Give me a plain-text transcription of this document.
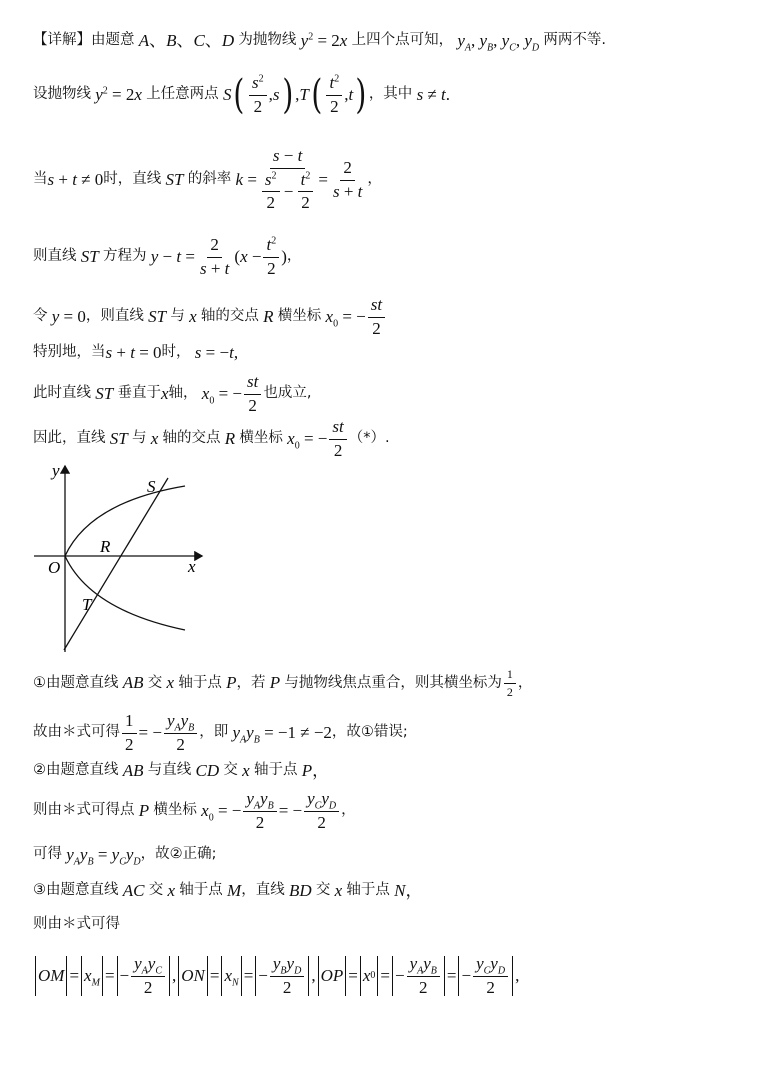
【详解】 由题意 A、B、C、D 为抛物线 $y^2 = 2x$ 上四个点可知， $y_A$, $y_B$, $y_C$, $y_D$ 两两不等.
设抛物线 $y^2 = 2x$ 上任意两点 S ( $\frac{s^2}{2} ,s$ ) ,T ( $\frac{t^2}{2} ,t$ ) ，其中 s ≠ t.
当 s + t ≠ 0 时，直线 ST 的斜率 $k = \frac{s - t}{\frac{s^2}{2} - \frac{t^2}{2}} = \frac{2}{s + t}$ ，
则直线 ST 方程为 $y - t = \frac{2}{s + t} (x - \frac{t^2}{2}$ ) ，
令 y = 0 ，则直线 ST 与 x 轴的交点 R 横坐标 $x_0$ = − $\frac{st}{2}$
特别地，当 s + t = 0 时， s = −t,
此时直线 ST 垂直于 x 轴， $x_0$ = − $\frac{st}{2}$ 也成立,
因此，直线 ST 与 x 轴的交点 R 横坐标 $x_0$ = − $\frac{st}{2}$ （*）.
y
x
O
S
R
T
①由题意直线 AB 交 x 轴于点 P ，若 P 与抛物线焦点重合，则其横坐标为 $\frac{1}{2}$ ，
故由＊式可得 $\frac{1}{2}$ = − $\frac{y_Ay_B}{2}$ ，即 $y_Ay_B = -1 \ne -2$ ，故①错误;
②由题意直线 AB 与直线 CD 交 x 轴于点 P，
则由＊式可得点 P 横坐标 $x_0$ = − $\frac{y_Ay_B}{2}$ = − $\frac{y_Cy_D}{2}$ ，
可得 $y_Ay_B = y_Cy_D$ ，故②正确;
③由题意直线 AC 交 x 轴于点 M ，直线 BD 交 x 轴于点 N，
则由＊式可得
OM = $x_M$ = − $\frac{y_Ay_C}{2}$ , ON = $x_N$ = − $\frac{y_By_D}{2}$ , OP = x 0 = − $\frac{y_Ay_B}{2}$ = − $\frac{y_Cy_D}{2}$ ,
